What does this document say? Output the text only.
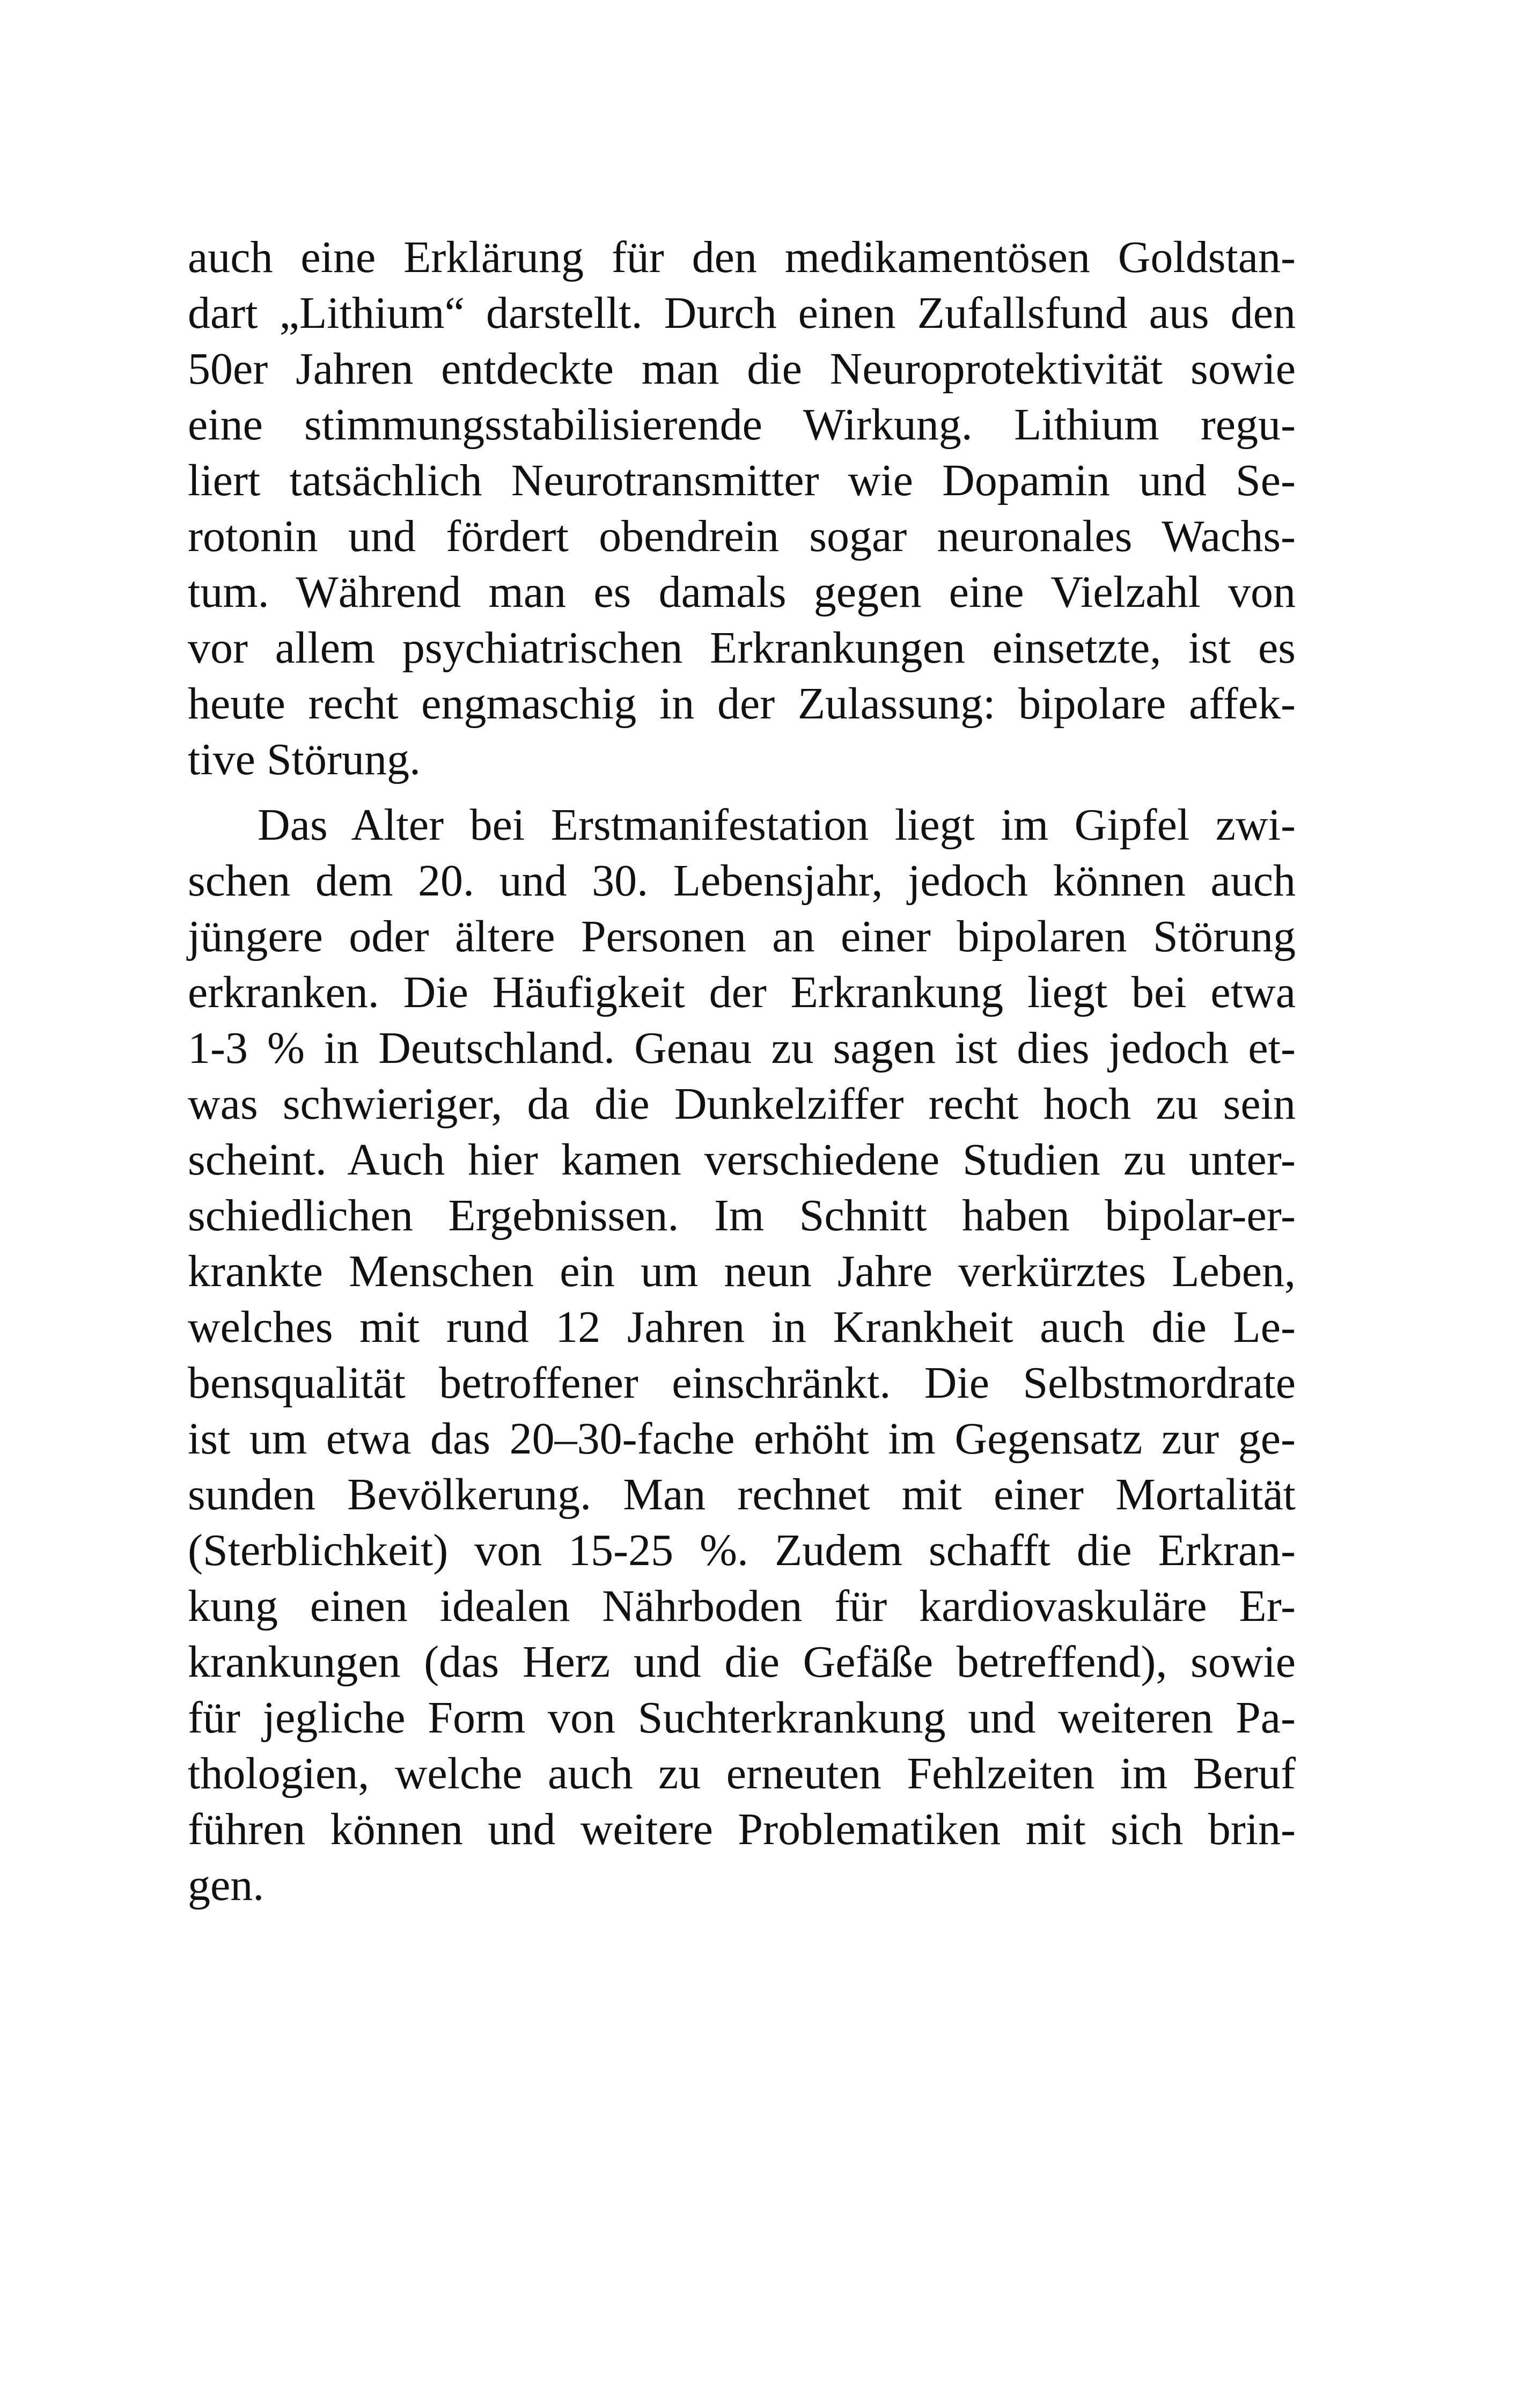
auch eine Erklärung für den medikamentösen Goldstan-
dart „Lithium“ darstellt. Durch einen Zufallsfund aus den
50er Jahren entdeckte man die Neuroprotektivität sowie
eine stimmungsstabilisierende Wirkung. Lithium regu-
liert tatsächlich Neurotransmitter wie Dopamin und Se-
rotonin und fördert obendrein sogar neuronales Wachs-
tum. Während man es damals gegen eine Vielzahl von
vor allem psychiatrischen Erkrankungen einsetzte, ist es
heute recht engmaschig in der Zulassung: bipolare affek-
tive Störung.
Das Alter bei Erstmanifestation liegt im Gipfel zwi-
schen dem 20. und 30. Lebensjahr, jedoch können auch
jüngere oder ältere Personen an einer bipolaren Störung
erkranken. Die Häufigkeit der Erkrankung liegt bei etwa
1-3 % in Deutschland. Genau zu sagen ist dies jedoch et-
was schwieriger, da die Dunkelziffer recht hoch zu sein
scheint. Auch hier kamen verschiedene Studien zu unter-
schiedlichen Ergebnissen. Im Schnitt haben bipolar-er-
krankte Menschen ein um neun Jahre verkürztes Leben,
welches mit rund 12 Jahren in Krankheit auch die Le-
bensqualität betroffener einschränkt. Die Selbstmordrate
ist um etwa das 20–30-fache erhöht im Gegensatz zur ge-
sunden Bevölkerung. Man rechnet mit einer Mortalität
(Sterblichkeit) von 15-25 %. Zudem schafft die Erkran-
kung einen idealen Nährboden für kardiovaskuläre Er-
krankungen (das Herz und die Gefäße betreffend), sowie
für jegliche Form von Suchterkrankung und weiteren Pa-
thologien, welche auch zu erneuten Fehlzeiten im Beruf
führen können und weitere Problematiken mit sich brin-
gen.
